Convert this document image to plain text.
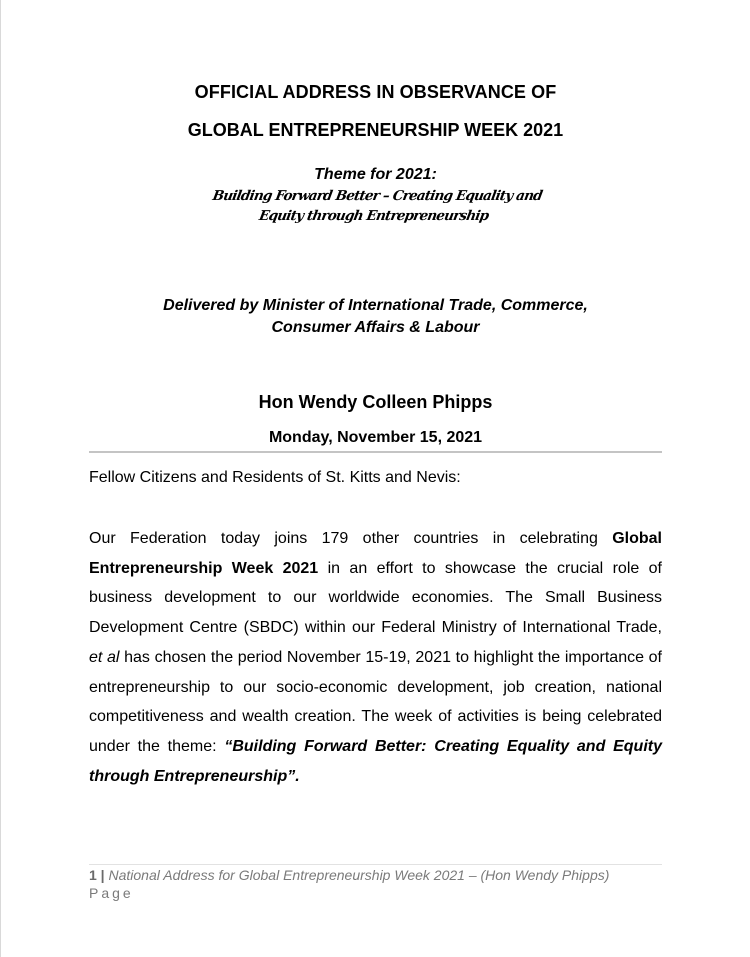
OFFICIAL ADDRESS IN OBSERVANCE OF
GLOBAL ENTREPRENEURSHIP WEEK 2021
Theme for 2021:
Building Forward Better – Creating Equality and
Equity through Entrepreneurship
Delivered by Minister of International Trade, Commerce,
Consumer Affairs & Labour
Hon Wendy Colleen Phipps
Monday, November 15, 2021
Fellow Citizens and Residents of St. Kitts and Nevis:
Our Federation today joins 179 other countries in celebrating Global Entrepreneurship Week 2021 in an effort to showcase the crucial role of business development to our worldwide economies. The Small Business Development Centre (SBDC) within our Federal Ministry of International Trade, et al has chosen the period November 15-19, 2021 to highlight the importance of entrepreneurship to our socio-economic development, job creation, national competitiveness and wealth creation. The week of activities is being celebrated under the theme: “Building Forward Better: Creating Equality and Equity through Entrepreneurship”.
1 | National Address for Global Entrepreneurship Week 2021 – (Hon Wendy Phipps)
Page
